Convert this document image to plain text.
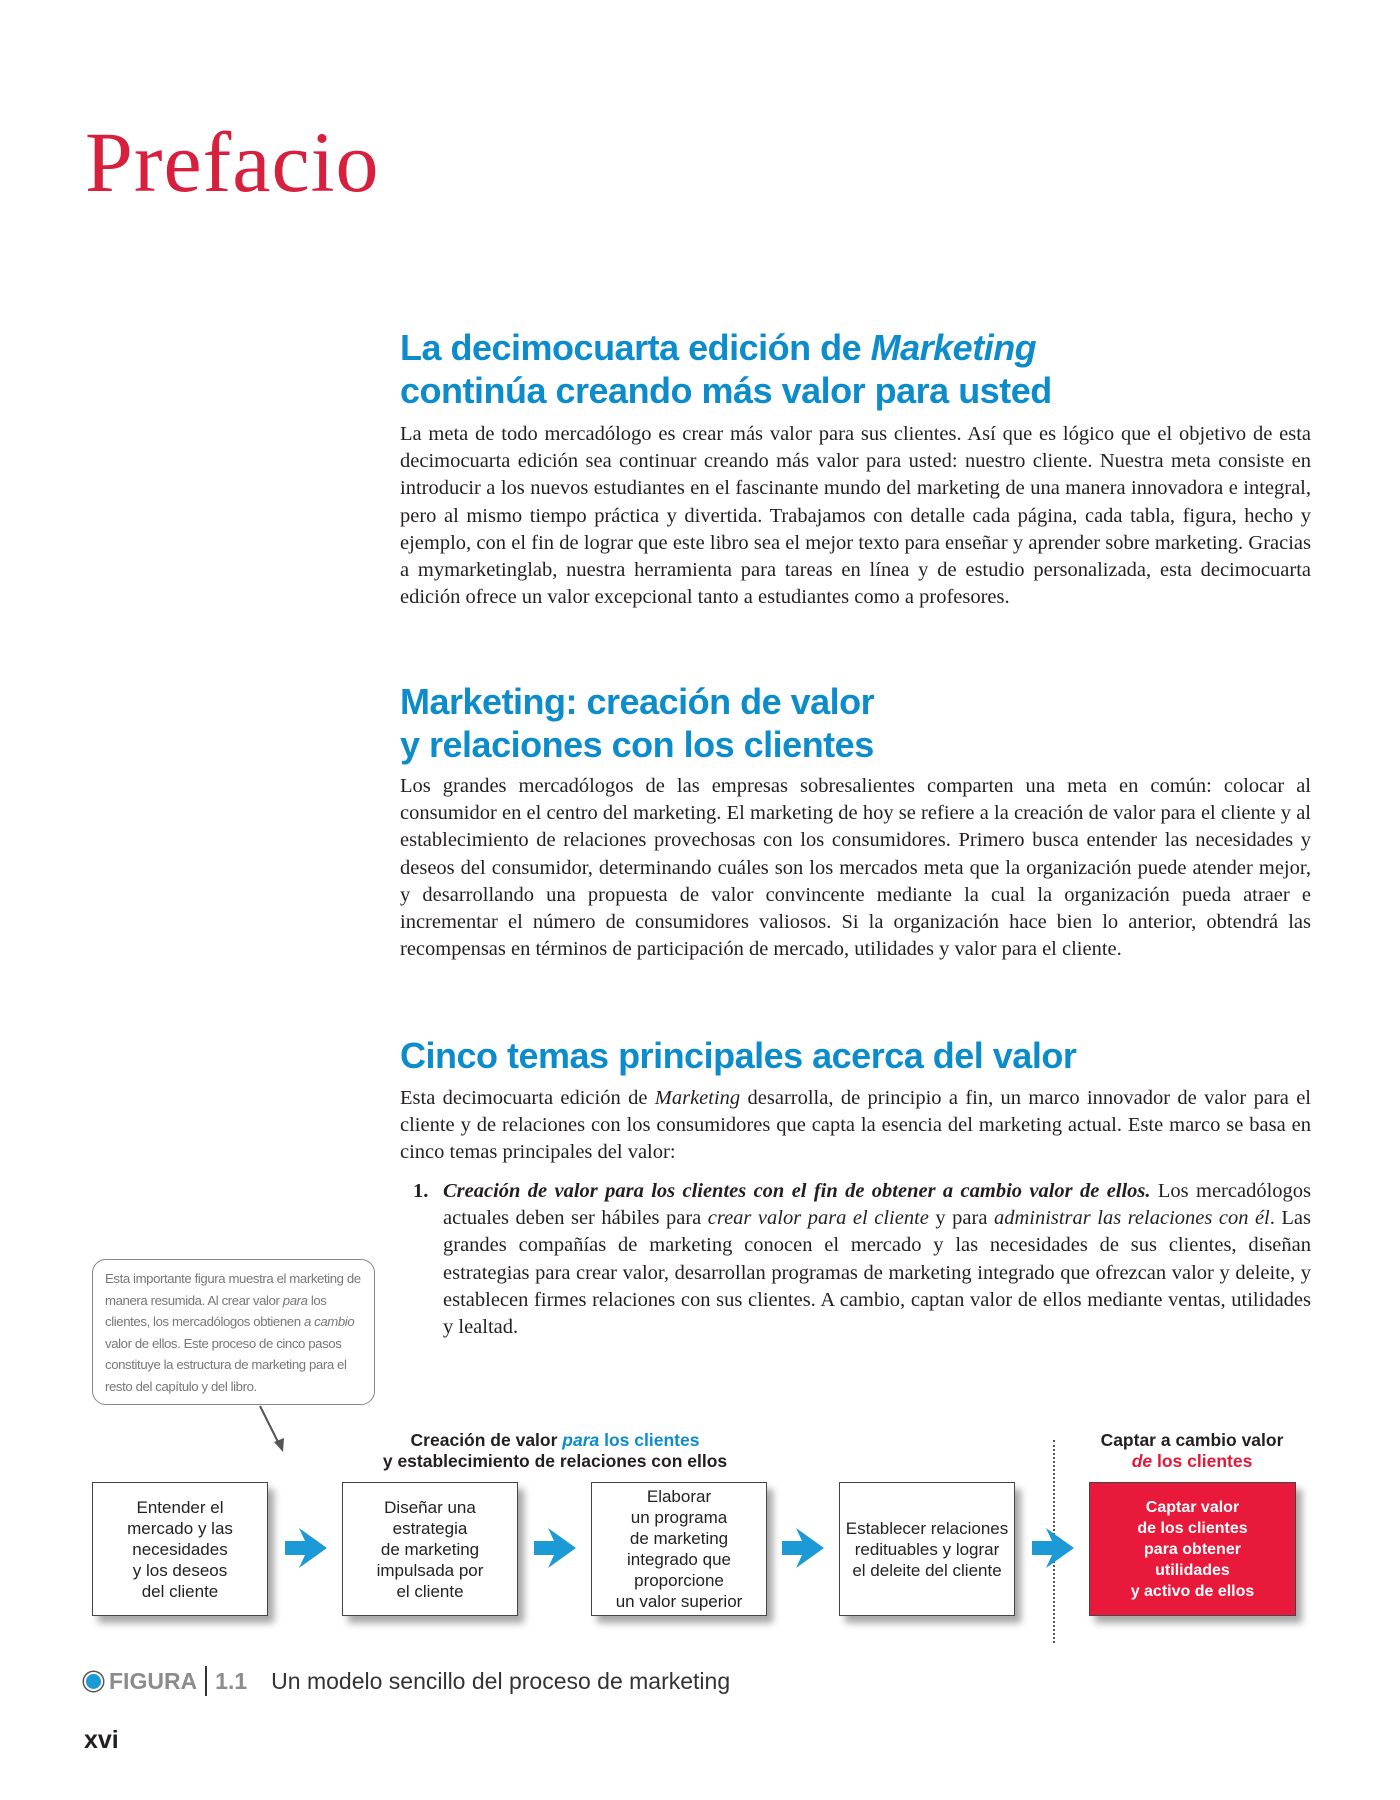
Prefacio
La decimocuarta edición de Marketing
continúa creando más valor para usted
La meta de todo mercadólogo es crear más valor para sus clientes. Así que es lógico que el objetivo de esta decimocuarta edición sea continuar creando más valor para usted: nuestro cliente. Nuestra meta consiste en introducir a los nuevos estudiantes en el fascinante mundo del marketing de una manera innovadora e integral, pero al mismo tiempo práctica y divertida. Trabajamos con detalle cada página, cada tabla, figura, hecho y ejemplo, con el fin de lograr que este libro sea el mejor texto para enseñar y aprender sobre marketing. Gracias a mymarketinglab, nuestra herramienta para tareas en línea y de estudio personalizada, esta decimocuarta edición ofrece un valor excepcional tanto a estudiantes como a profesores.
Marketing: creación de valor
y relaciones con los clientes
Los grandes mercadólogos de las empresas sobresalientes comparten una meta en común: colocar al consumidor en el centro del marketing. El marketing de hoy se refiere a la creación de valor para el cliente y al establecimiento de relaciones provechosas con los consumidores. Primero busca entender las necesidades y deseos del consumidor, determinando cuáles son los mercados meta que la organización puede atender mejor, y desarrollando una propuesta de valor convincente mediante la cual la organización pueda atraer e incrementar el número de consumidores valiosos. Si la organización hace bien lo anterior, obtendrá las recompensas en términos de participación de mercado, utilidades y valor para el cliente.
Cinco temas principales acerca del valor
Esta decimocuarta edición de Marketing desarrolla, de principio a fin, un marco innovador de valor para el cliente y de relaciones con los consumidores que capta la esencia del marketing actual. Este marco se basa en cinco temas principales del valor:
1. Creación de valor para los clientes con el fin de obtener a cambio valor de ellos. Los mercadólogos actuales deben ser hábiles para crear valor para el cliente y para administrar las relaciones con él. Las grandes compañías de marketing conocen el mercado y las necesidades de sus clientes, diseñan estrategias para crear valor, desarrollan programas de marketing integrado que ofrezcan valor y deleite, y establecen firmes relaciones con sus clientes. A cambio, captan valor de ellos mediante ventas, utilidades y lealtad.
Esta importante figura muestra el marketing de manera resumida. Al crear valor para los clientes, los mercadólogos obtienen a cambio valor de ellos. Este proceso de cinco pasos constituye la estructura de marketing para el resto del capítulo y del libro.
Creación de valor para los clientes
y establecimiento de relaciones con ellos
Captar a cambio valor
de los clientes
Entender el
mercado y las
necesidades
y los deseos
del cliente
Diseñar una
estrategia
de marketing
impulsada por
el cliente
Elaborar
un programa
de marketing
integrado que
proporcione
un valor superior
Establecer relaciones
redituables y lograr
el deleite del cliente
Captar valor
de los clientes
para obtener
utilidades
y activo de ellos
FIGURA 1.1 Un modelo sencillo del proceso de marketing
xvi
